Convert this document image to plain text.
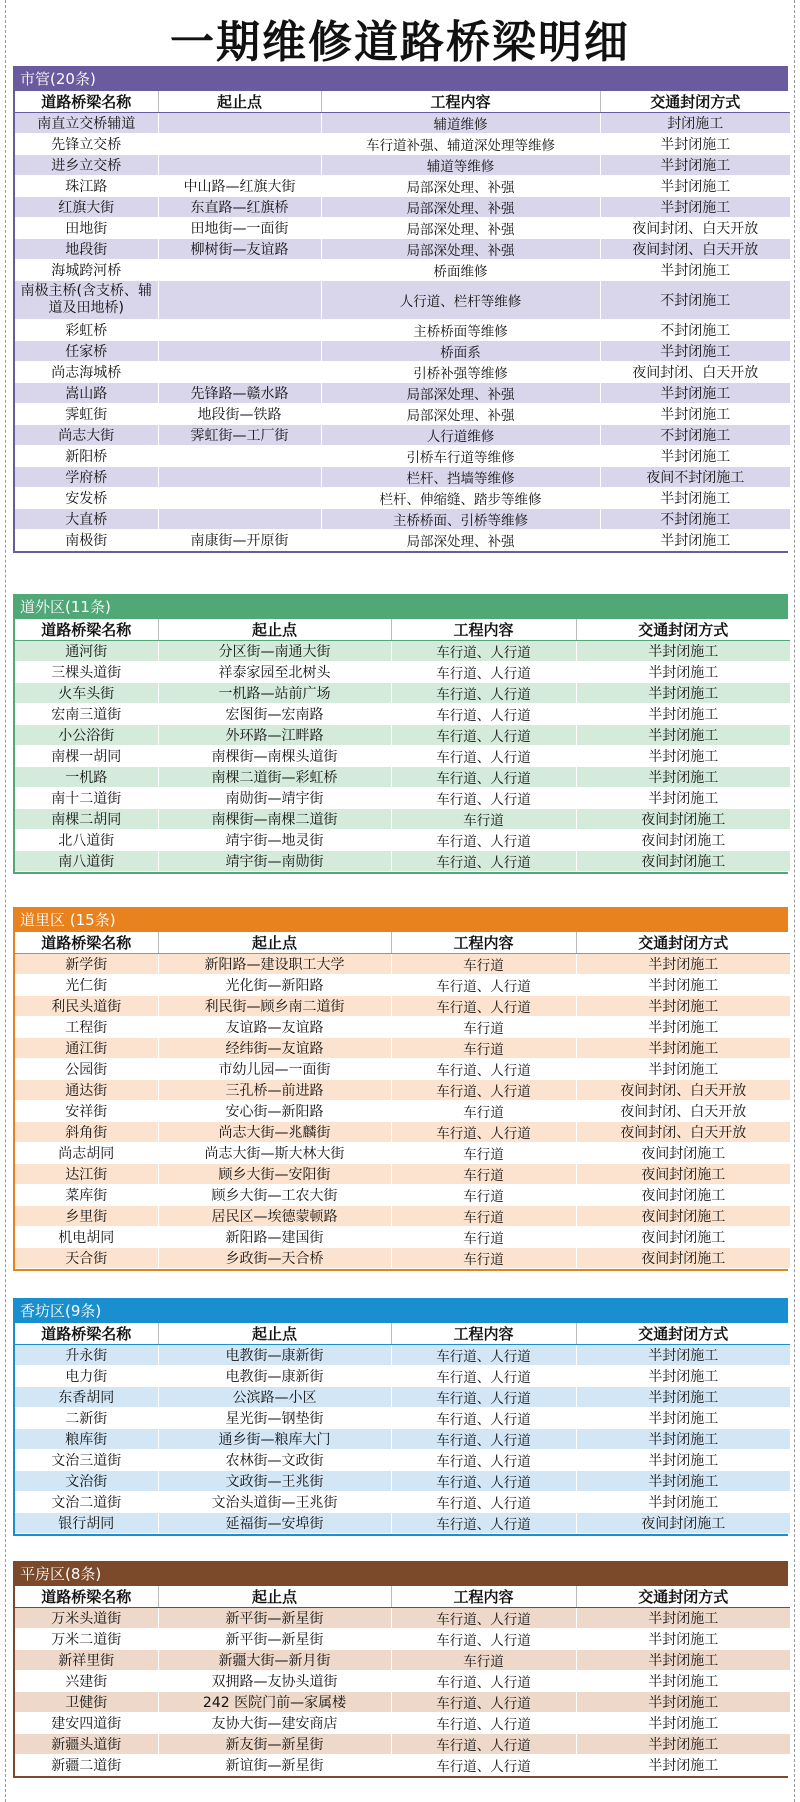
一期维修道路桥梁明细
市管(20条)
道路桥梁名称	起止点	工程内容	交通封闭方式
南直立交桥辅道		辅道维修	封闭施工
先锋立交桥		车行道补强、辅道深处理等维修	半封闭施工
进乡立交桥		辅道等维修	半封闭施工
珠江路	中山路—红旗大街	局部深处理、补强	半封闭施工
红旗大街	东直路—红旗桥	局部深处理、补强	半封闭施工
田地街	田地街—一面街	局部深处理、补强	夜间封闭、白天开放
地段街	柳树街—友谊路	局部深处理、补强	夜间封闭、白天开放
海城跨河桥		桥面维修	半封闭施工
南极主桥(含支桥、辅道及田地桥)		人行道、栏杆等维修	不封闭施工
彩虹桥		主桥桥面等维修	不封闭施工
任家桥		桥面系	半封闭施工
尚志海城桥		引桥补强等维修	夜间封闭、白天开放
嵩山路	先锋路—赣水路	局部深处理、补强	半封闭施工
霁虹街	地段街—铁路	局部深处理、补强	半封闭施工
尚志大街	霁虹街—工厂街	人行道维修	不封闭施工
新阳桥		引桥车行道等维修	半封闭施工
学府桥		栏杆、挡墙等维修	夜间不封闭施工
安发桥		栏杆、伸缩缝、踏步等维修	半封闭施工
大直桥		主桥桥面、引桥等维修	不封闭施工
南极街	南康街—开原街	局部深处理、补强	半封闭施工
道外区(11条)
道路桥梁名称	起止点	工程内容	交通封闭方式
通河街	分区街—南通大街	车行道、人行道	半封闭施工
三棵头道街	祥泰家园至北树头	车行道、人行道	半封闭施工
火车头街	一机路—站前广场	车行道、人行道	半封闭施工
宏南三道街	宏图街—宏南路	车行道、人行道	半封闭施工
小公浴街	外环路—江畔路	车行道、人行道	半封闭施工
南棵一胡同	南棵街—南棵头道街	车行道、人行道	半封闭施工
一机路	南棵二道街—彩虹桥	车行道、人行道	半封闭施工
南十二道街	南勋街—靖宇街	车行道、人行道	半封闭施工
南棵二胡同	南棵街—南棵二道街	车行道	夜间封闭施工
北八道街	靖宇街—地灵街	车行道、人行道	夜间封闭施工
南八道街	靖宇街—南勋街	车行道、人行道	夜间封闭施工
道里区 (15条)
道路桥梁名称	起止点	工程内容	交通封闭方式
新学街	新阳路—建设职工大学	车行道	半封闭施工
光仁街	光化街—新阳路	车行道、人行道	半封闭施工
利民头道街	利民街—顾乡南二道街	车行道、人行道	半封闭施工
工程街	友谊路—友谊路	车行道	半封闭施工
通江街	经纬街—友谊路	车行道	半封闭施工
公园街	市幼儿园—一面街	车行道、人行道	半封闭施工
通达街	三孔桥—前进路	车行道、人行道	夜间封闭、白天开放
安祥街	安心街—新阳路	车行道	夜间封闭、白天开放
斜角街	尚志大街—兆麟街	车行道、人行道	夜间封闭、白天开放
尚志胡同	尚志大街—斯大林大街	车行道	夜间封闭施工
达江街	顾乡大街—安阳街	车行道	夜间封闭施工
菜库街	顾乡大街—工农大街	车行道	夜间封闭施工
乡里街	居民区—埃德蒙顿路	车行道	夜间封闭施工
机电胡同	新阳路—建国街	车行道	夜间封闭施工
天合街	乡政街—天合桥	车行道	夜间封闭施工
香坊区(9条)
道路桥梁名称	起止点	工程内容	交通封闭方式
升永街	电教街—康新街	车行道、人行道	半封闭施工
电力街	电教街—康新街	车行道、人行道	半封闭施工
东香胡同	公滨路—小区	车行道、人行道	半封闭施工
二新街	星光街—钢垫街	车行道、人行道	半封闭施工
粮库街	通乡街—粮库大门	车行道、人行道	半封闭施工
文治三道街	农林街—文政街	车行道、人行道	半封闭施工
文治街	文政街—王兆街	车行道、人行道	半封闭施工
文治二道街	文治头道街—王兆街	车行道、人行道	半封闭施工
银行胡同	延福街—安埠街	车行道、人行道	夜间封闭施工
平房区(8条)
道路桥梁名称	起止点	工程内容	交通封闭方式
万米头道街	新平街—新星街	车行道、人行道	半封闭施工
万米二道街	新平街—新星街	车行道、人行道	半封闭施工
新祥里街	新疆大街—新月街	车行道	半封闭施工
兴建街	双拥路—友协头道街	车行道、人行道	半封闭施工
卫健街	242 医院门前—家属楼	车行道、人行道	半封闭施工
建安四道街	友协大街—建安商店	车行道、人行道	半封闭施工
新疆头道街	新友街—新星街	车行道、人行道	半封闭施工
新疆二道街	新谊街—新星街	车行道、人行道	半封闭施工
